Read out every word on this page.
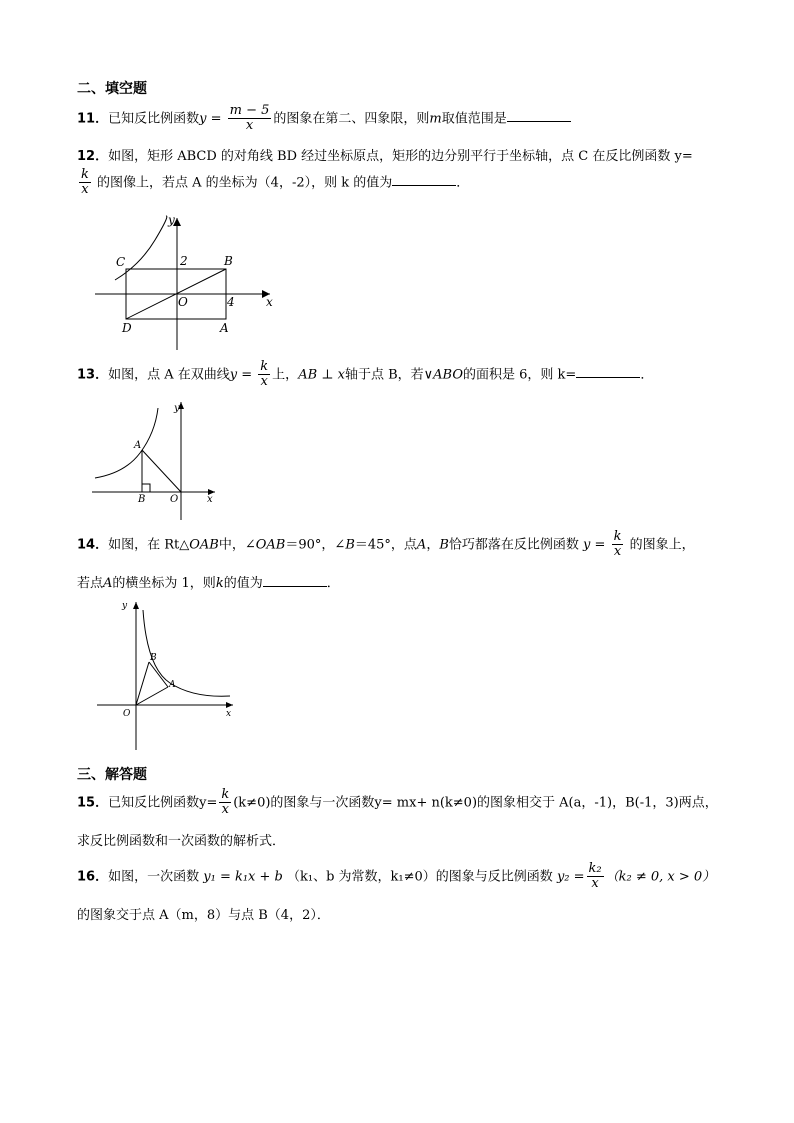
二、填空题
11．已知反比例函数$y = \frac{m - 5}{x}$ 的图象在第二、四象限，则m取值范围是
12．如图，矩形 ABCD 的对角线 BD 经过坐标原点，矩形的边分别平行于坐标轴，点 C 在反比例函数 y=
$\frac{k}{x}$ 的图像上，若点 A 的坐标为（4，-2），则 k 的值为	．
y
x
C	B
D	A
O
2
4
13．如图，点 A 在双曲线$y = \frac{k}{x}$ 上，AB ⊥ x轴于点 B，若∨ABO的面积是 6，则 k=	．
y
x
A
B O
14．如图，在 Rt△OAB中，∠OAB＝90°，∠B＝45°，点A，B恰巧都落在反比例函数 $y = \frac{k}{x}$ 的图象上，
若点A的横坐标为 1，则k的值为	．
y
x
B
A
O
三、解答题
15．已知反比例函数$y= \frac{k}{x} (k\ne 0)$的图象与一次函数y= mx+ n(k≠0)的图象相交于 A(a，-1)，B(-1，3)两点，
求反比例函数和一次函数的解析式．
16．如图，一次函数 y₁ = k₁x + b （k₁、b 为常数，k₁≠0）的图象与反比例函数 $y_2 = \frac{\text{k₂}}{x} (k_2 \ne 0$, x > 0）
的图象交于点 A（m，8）与点 B（4，2）．
